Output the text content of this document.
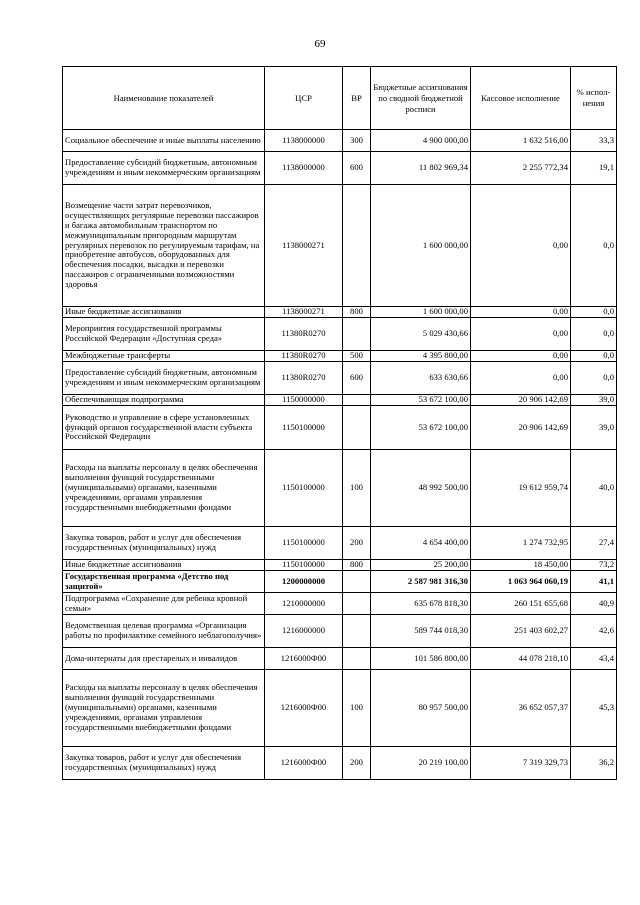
69
Наименование показателей	ЦСР	ВР	Бюджетные ассигнования по сводной бюджетной росписи	Кассовое исполнение	% испол-нения
Социальное обеспечение и иные выплаты населению	1138000000	300	4 900 000,00	1 632 516,00	33,3
Предоставление субсидий бюджетным, автономным учреждениям и иным некоммерческим организациям	1138000000	600	11 802 969,34	2 255 772,34	19,1
Возмещение части затрат перевозчиков, осуществляющих регулярные перевозки пассажиров и багажа автомобильным транспортом по межмуниципальным пригородным маршрутам регулярных перевозок по регулируемым тарифам, на приобретение автобусов, оборудованных для обеспечения посадки, высадки и перевозки пассажиров с ограниченными возможностями здоровья	1138000271		1 600 000,00	0,00	0,0
Иные бюджетные ассигнования	1138000271	800	1 600 000,00	0,00	0,0
Мероприятия государственной программы Российской Федерации «Доступная среда»	11380R0270		5 029 430,66	0,00	0,0
Межбюджетные трансферты	11380R0270	500	4 395 800,00	0,00	0,0
Предоставление субсидий бюджетным, автономным учреждениям и иным некоммерческим организациям	11380R0270	600	633 630,66	0,00	0,0
Обеспечивающая подпрограмма	1150000000		53 672 100,00	20 906 142,69	39,0
Руководство и управление в сфере установленных функций органов государственной власти субъекта Российской Федерации	1150100000		53 672 100,00	20 906 142,69	39,0
Расходы на выплаты персоналу в целях обеспечения выполнения функций государственными (муниципальными) органами, казенными учреждениями, органами управления государственными внебюджетными фондами	1150100000	100	48 992 500,00	19 612 959,74	40,0
Закупка товаров, работ и услуг для обеспечения государственных (муниципальных) нужд	1150100000	200	4 654 400,00	1 274 732,95	27,4
Иные бюджетные ассигнования	1150100000	800	25 200,00	18 450,00	73,2
Государственная программа «Детство под защитой»	1200000000		2 587 981 316,30	1 063 964 060,19	41,1
Подпрограмма «Сохранение для ребенка кровной семьи»	1210000000		635 678 818,30	260 151 655,68	40,9
Ведомственная целевая программа «Организация работы по профилактике семейного неблагополучия»	1216000000		589 744 018,30	251 403 602,27	42,6
Дома-интернаты для престарелых и инвалидов	1216000Ф00		101 586 800,00	44 078 218,10	43,4
Расходы на выплаты персоналу в целях обеспечения выполнения функций государственными (муниципальными) органами, казенными учреждениями, органами управления государственными внебюджетными фондами	1216000Ф00	100	80 957 500,00	36 652 057,37	45,3
Закупка товаров, работ и услуг для обеспечения государственных (муниципальных) нужд	1216000Ф00	200	20 219 100,00	7 319 329,73	36,2
